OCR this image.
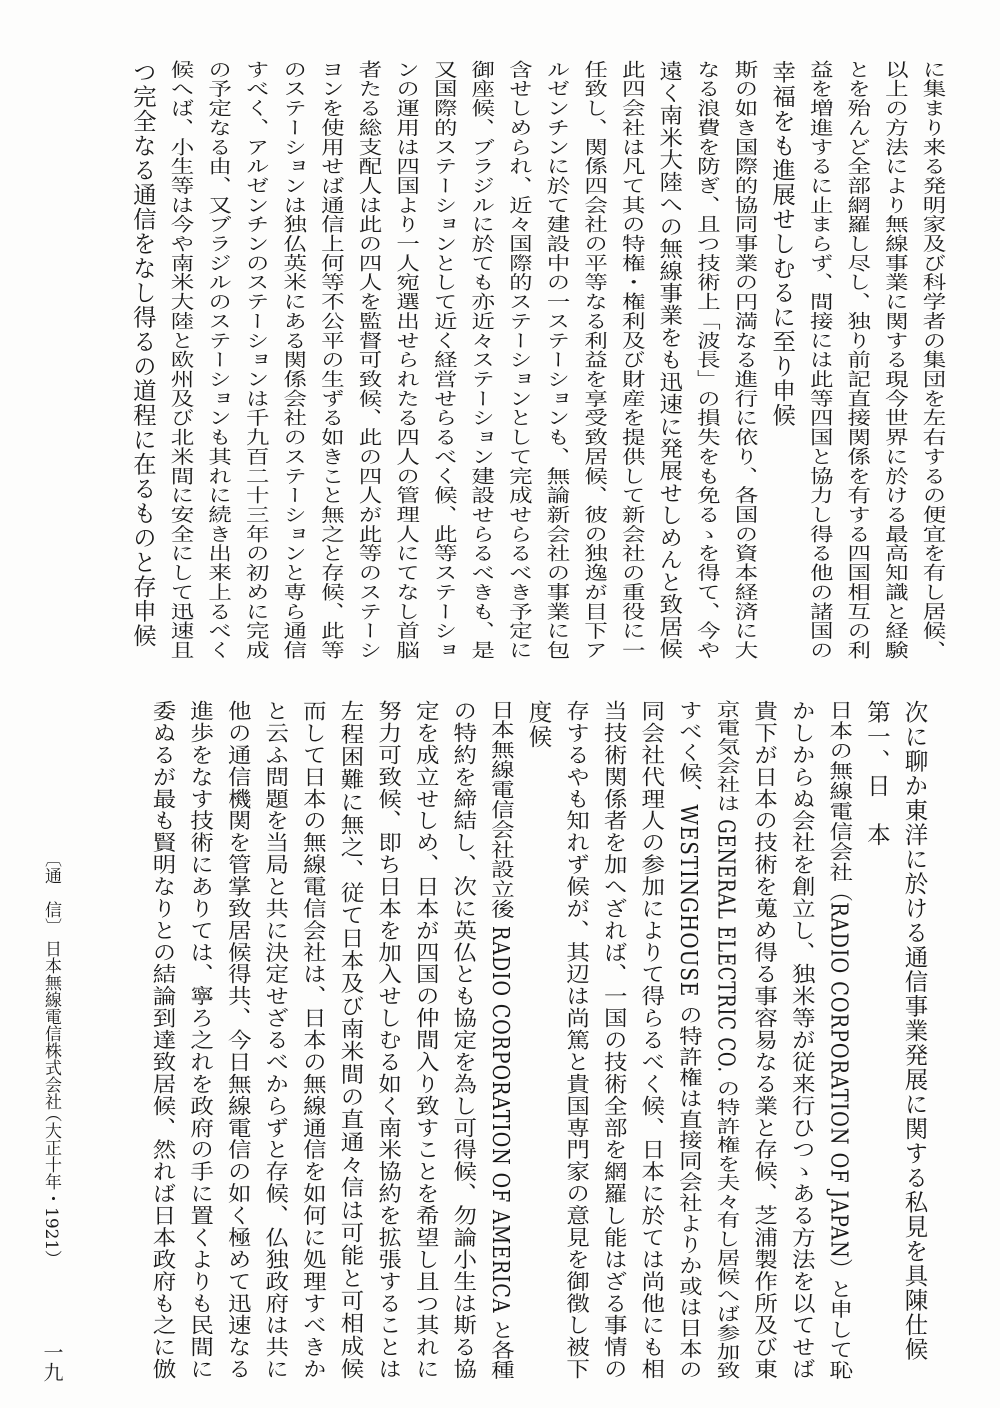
に集まり来る発明家及び科学者の集団を左右するの便宜を有し居候、
以上の方法により無線事業に関する現今世界に於ける最高知識と経験
とを殆んど全部網羅し尽し、独り前記直接関係を有する四国相互の利
益を増進するに止まらず、間接には此等四国と協力し得る他の諸国の
幸福をも進展せしむるに至り申候
斯の如き国際的協同事業の円満なる進行に依り、各国の資本経済に大
なる浪費を防ぎ、且つ技術上「波長」の損失をも免るゝを得て、今や
遠く南米大陸への無線事業をも迅速に発展せしめんと致居候
此四会社は凡て其の特権・権利及び財産を提供して新会社の重役に一
任致し、関係四会社の平等なる利益を享受致居候、彼の独逸が目下ア
ルゼンチンに於て建設中の一ステーションも、無論新会社の事業に包
含せしめられ、近々国際的ステーションとして完成せらるべき予定に
御座候、ブラジルに於ても亦近々ステーション建設せらるべきも、是
又国際的ステーションとして近く経営せらるべく候、此等ステーショ
ンの運用は四国より一人宛選出せられたる四人の管理人にてなし首脳
者たる総支配人は此の四人を監督可致候、此の四人が此等のステーシ
ヨンを使用せば通信上何等不公平の生ずる如きこと無之と存候、此等
のステーションは独仏英米にある関係会社のステーションと専ら通信
すべく、アルゼンチンのステーションは千九百二十三年の初めに完成
の予定なる由、又ブラジルのステーションも其れに続き出来上るべく
候へば、小生等は今や南米大陸と欧州及び北米間に安全にして迅速且
つ完全なる通信をなし得るの道程に在るものと存申候
次に聊か東洋に於ける通信事業発展に関する私見を具陳仕候
第一、日　本
日本の無線電信会社（RADIO CORPORATION OF JAPAN）と申して恥
かしからぬ会社を創立し、独米等が従来行ひつゝある方法を以てせば
貴下が日本の技術を蒐め得る事容易なる業と存候、芝浦製作所及び東
京電気会社は GENERAL ELECTRIC CO. の特許権を夫々有し居候へば参加致
すべく候、WESTINGHOUSE の特許権は直接同会社よりか或は日本の
同会社代理人の参加によりて得らるべく候、日本に於ては尚他にも相
当技術関係者を加へざれば、一国の技術全部を網羅し能はざる事情の
存するやも知れず候が、其辺は尚篤と貴国専門家の意見を御徴し被下
度候
日本無線電信会社設立後 RADIO CORPORATION OF AMERICA と各種
の特約を締結し、次に英仏とも協定を為し可得候、勿論小生は斯る協
定を成立せしめ、日本が四国の仲間入り致すことを希望し且つ其れに
努力可致候、即ち日本を加入せしむる如く南米協約を拡張することは
左程困難に無之、従て日本及び南米間の直通々信は可能と可相成候
而して日本の無線電信会社は、日本の無線通信を如何に処理すべきか
と云ふ問題を当局と共に決定せざるべからずと存候、仏独政府は共に
他の通信機関を管掌致居候得共、今日無線電信の如く極めて迅速なる
進歩をなす技術にありては、寧ろ之れを政府の手に置くよりも民間に
委ぬるが最も賢明なりとの結論到達致居候、然れば日本政府も之に倣
〔通　信〕
日本無線電信株式会社
（大正十年・1921）
一九
